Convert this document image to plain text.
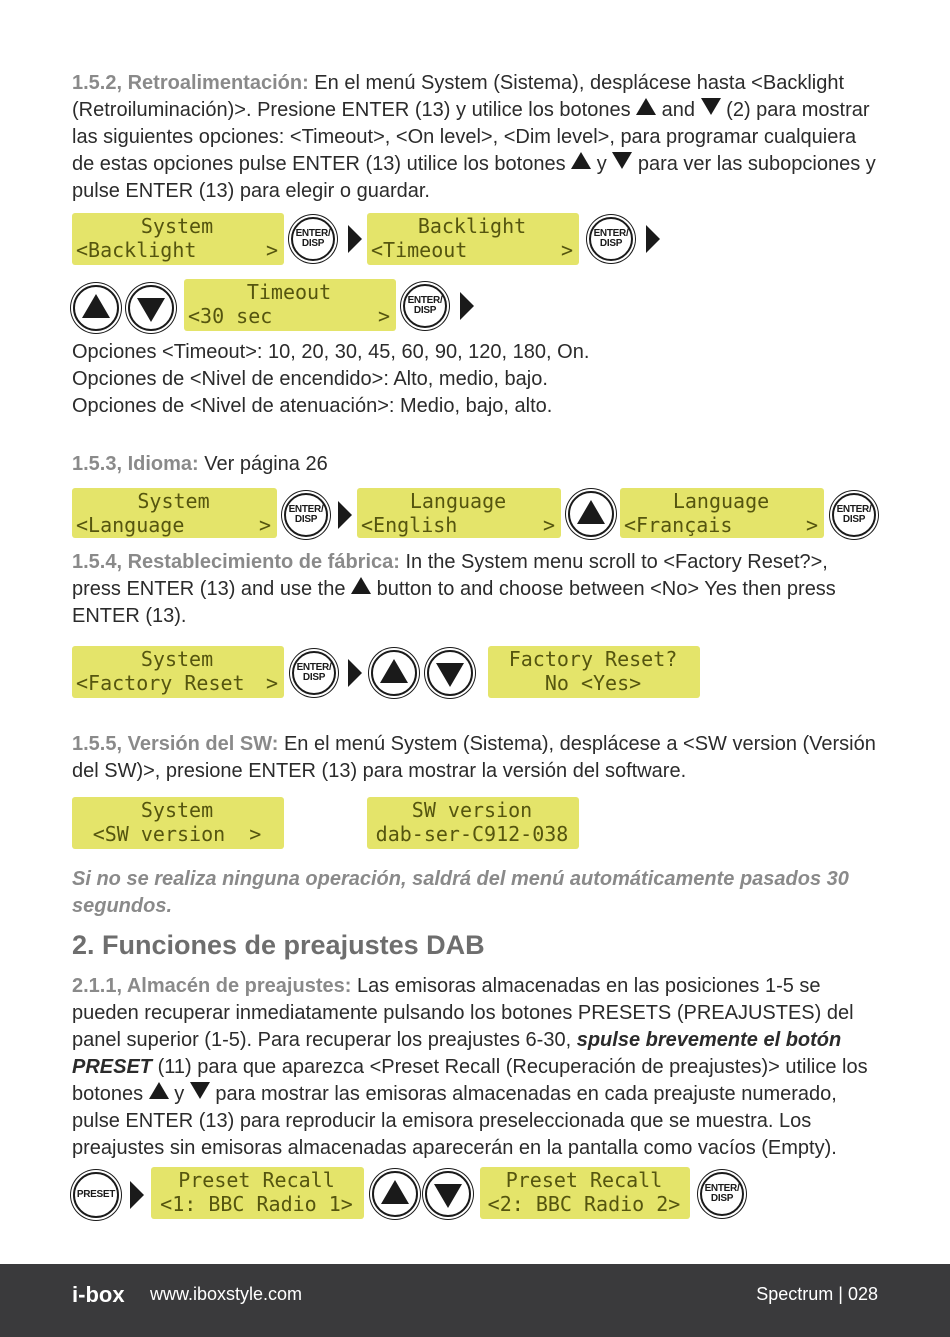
1.5.2, Retroalimentación: En el menú System (Sistema), desplácese hasta <Backlight (Retroiluminación)>. Presione ENTER (13) y utilice los botones  and  (2) para mostrar las siguientes opciones: <Timeout>, <On level>, <Dim level>, para programar cualquiera de estas opciones pulse ENTER (13) utilice los botones  y  para ver las subopciones y pulse ENTER (13) para elegir o guardar.

System
<Backlight	>
ENTER/
DISP
Backlight
<Timeout	>
ENTER/
DISP
Timeout
<30 sec	>
ENTER/
DISP

Opciones <Timeout>: 10, 20, 30, 45, 60, 90, 120, 180, On.

Opciones de <Nivel de encendido>: Alto, medio, bajo.

Opciones de <Nivel de atenuación>: Medio, bajo, alto.

1.5.3, Idioma: Ver página 26

System
<Language	>
ENTER/
DISP
Language
<English	>
Language
<Français	>
ENTER/
DISP

1.5.4, Restablecimiento de fábrica: In the System menu scroll to <Factory Reset?>, press ENTER (13) and use the  button to and choose between <No> Yes then press ENTER (13).

System
<Factory Reset >
ENTER/
DISP
Factory Reset?
No <Yes>

1.5.5, Versión del SW: En el menú System (Sistema), desplácese a <SW version (Versión del SW)>, presione ENTER (13) para mostrar la versión del software.

System
<SW version  >
SW version
dab-ser-C912-038

Si no se realiza ninguna operación, saldrá del menú automáticamente pasados 30 segundos.

2. Funciones de preajustes DAB

2.1.1, Almacén de preajustes: Las emisoras almacenadas en las posiciones 1-5 se pueden recuperar inmediatamente pulsando los botones PRESETS (PREAJUSTES) del panel superior (1-5). Para recuperar los preajustes 6-30, spulse brevemente el botón PRESET (11) para que aparezca <Preset Recall (Recuperación de preajustes)> utilice los botones  y  para mostrar las emisoras almacenadas en cada preajuste numerado, pulse ENTER (13) para reproducir la emisora preseleccionada que se muestra. Los preajustes sin emisoras almacenadas aparecerán en la pantalla como vacíos (Empty).

PRESET
Preset Recall
<1: BBC Radio 1>
Preset Recall
<2: BBC Radio 2>
ENTER/
DISP
i-box www.iboxstyle.com	Spectrum | 028
